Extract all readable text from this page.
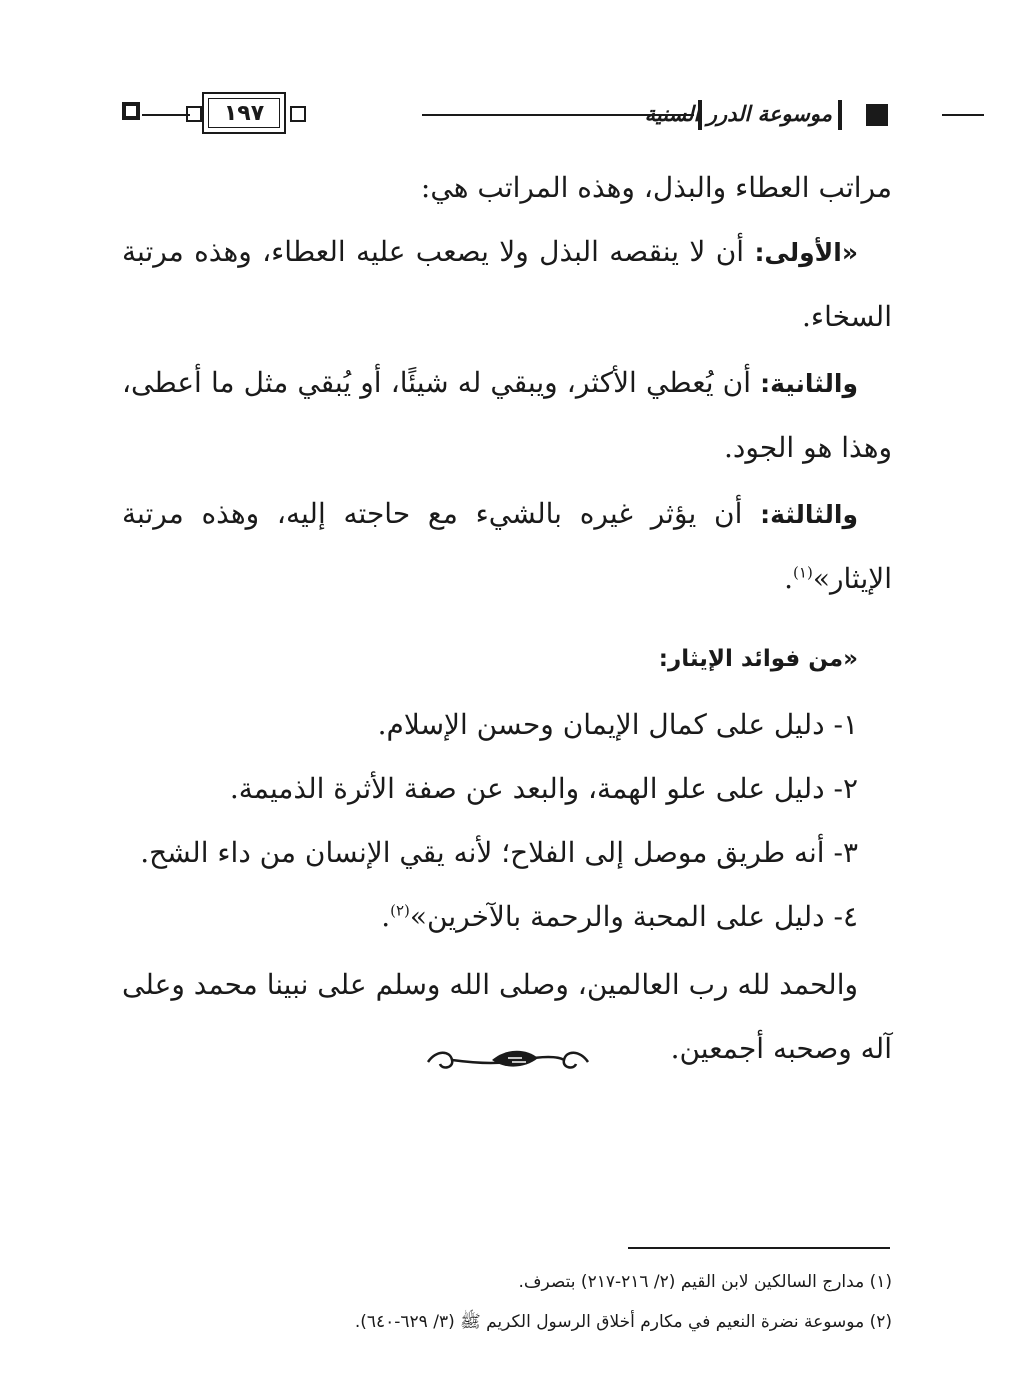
١٩٧	موسوعة الدرر السنية

مراتب العطاء والبذل، وهذه المراتب هي:

«الأولى: أن لا ينقصه البذل ولا يصعب عليه العطاء، وهذه مرتبة السخاء.

والثانية: أن يُعطي الأكثر، ويبقي له شيئًا، أو يُبقي مثل ما أعطى، وهذا هو الجود.

والثالثة: أن يؤثر غيره بالشيء مع حاجته إليه، وهذه مرتبة الإيثار»$^{(١)}$.

«من فوائد الإيثار:

١- دليل على كمال الإيمان وحسن الإسلام.
٢- دليل على علو الهمة، والبعد عن صفة الأثرة الذميمة.
٣- أنه طريق موصل إلى الفلاح؛ لأنه يقي الإنسان من داء الشح.
٤- دليل على المحبة والرحمة بالآخرين»$^{(٢)}$.

والحمد لله رب العالمين، وصلى الله وسلم على نبينا محمد وعلى آله وصحبه أجمعين.

(١) مدارج السالكين لابن القيم (٢/ ٢١٦-٢١٧) بتصرف.

(٢) موسوعة نضرة النعيم في مكارم أخلاق الرسول الكريم ﷺ (٣/ ٦٢٩-٦٤٠).
